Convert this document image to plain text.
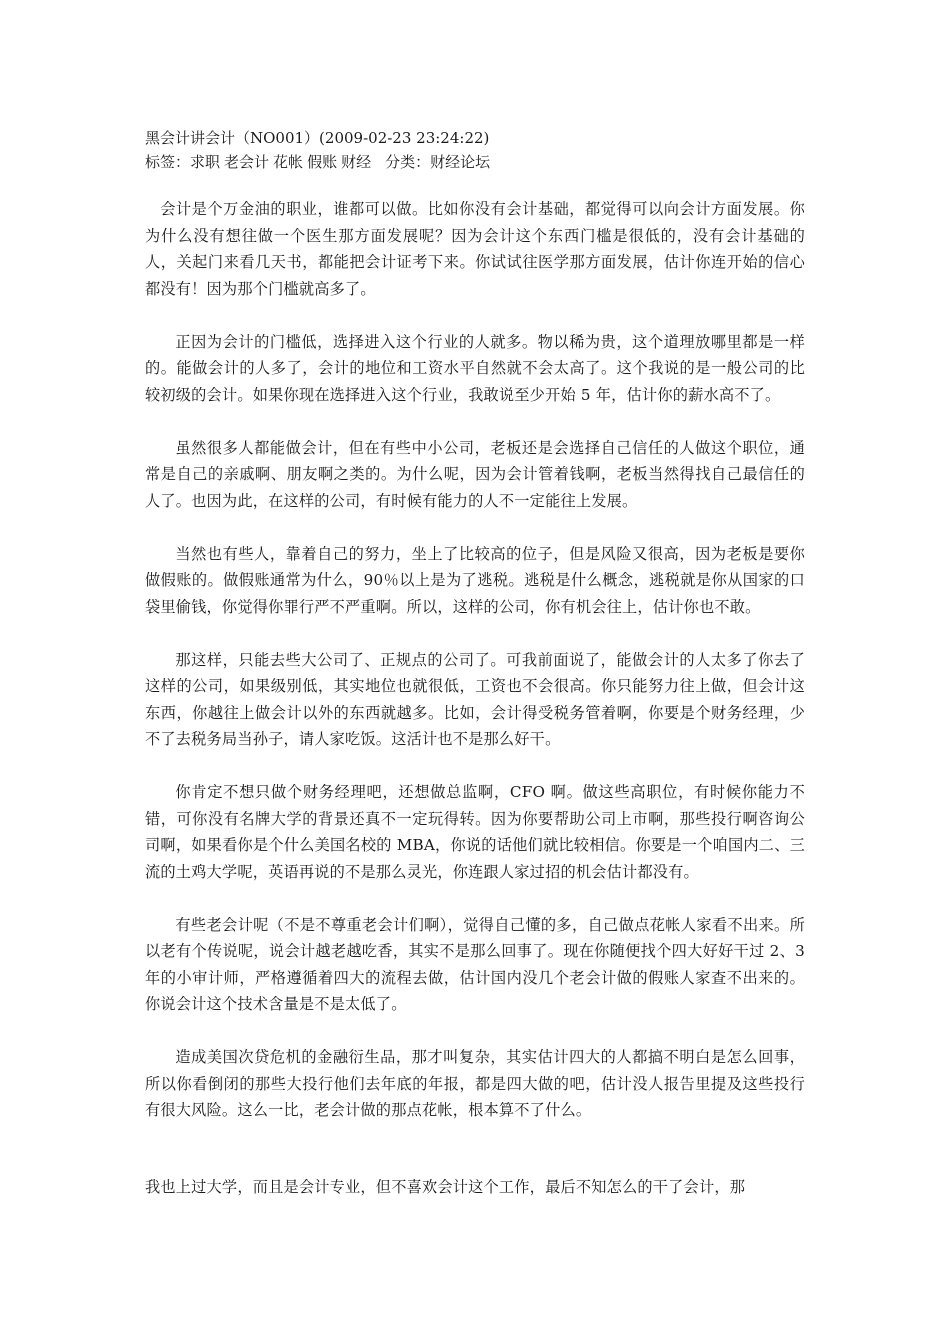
黑会计讲会计（NO001）(2009-02-23 23:24:22)

标签：求职 老会计 花帐 假账 财经 分类：财经论坛

会计是个万金油的职业，谁都可以做。比如你没有会计基础，都觉得可以向会计方面发展。你为什么没有想往做一个医生那方面发展呢？因为会计这个东西门槛是很低的，没有会计基础的人，关起门来看几天书，都能把会计证考下来。你试试往医学那方面发展，估计你连开始的信心都没有！因为那个门槛就高多了。

正因为会计的门槛低，选择进入这个行业的人就多。物以稀为贵，这个道理放哪里都是一样的。能做会计的人多了，会计的地位和工资水平自然就不会太高了。这个我说的是一般公司的比较初级的会计。如果你现在选择进入这个行业，我敢说至少开始 5 年，估计你的薪水高不了。

虽然很多人都能做会计，但在有些中小公司，老板还是会选择自己信任的人做这个职位，通常是自己的亲戚啊、朋友啊之类的。为什么呢，因为会计管着钱啊，老板当然得找自己最信任的人了。也因为此，在这样的公司，有时候有能力的人不一定能往上发展。

当然也有些人，靠着自己的努力，坐上了比较高的位子，但是风险又很高，因为老板是要你做假账的。做假账通常为什么，90％以上是为了逃税。逃税是什么概念，逃税就是你从国家的口袋里偷钱，你觉得你罪行严不严重啊。所以，这样的公司，你有机会往上，估计你也不敢。

那这样，只能去些大公司了、正规点的公司了。可我前面说了，能做会计的人太多了你去了这样的公司，如果级别低，其实地位也就很低，工资也不会很高。你只能努力往上做，但会计这东西，你越往上做会计以外的东西就越多。比如，会计得受税务管着啊，你要是个财务经理，少不了去税务局当孙子，请人家吃饭。这活计也不是那么好干。

你肯定不想只做个财务经理吧，还想做总监啊，CFO 啊。做这些高职位，有时候你能力不错，可你没有名牌大学的背景还真不一定玩得转。因为你要帮助公司上市啊，那些投行啊咨询公司啊，如果看你是个什么美国名校的 MBA，你说的话他们就比较相信。你要是一个咱国内二、三流的土鸡大学呢，英语再说的不是那么灵光，你连跟人家过招的机会估计都没有。

有些老会计呢（不是不尊重老会计们啊），觉得自己懂的多，自己做点花帐人家看不出来。所以老有个传说呢，说会计越老越吃香，其实不是那么回事了。现在你随便找个四大好好干过 2、3 年的小审计师，严格遵循着四大的流程去做，估计国内没几个老会计做的假账人家查不出来的。你说会计这个技术含量是不是太低了。

造成美国次贷危机的金融衍生品，那才叫复杂，其实估计四大的人都搞不明白是怎么回事，所以你看倒闭的那些大投行他们去年底的年报，都是四大做的吧，估计没人报告里提及这些投行有很大风险。这么一比，老会计做的那点花帐，根本算不了什么。

我也上过大学，而且是会计专业，但不喜欢会计这个工作，最后不知怎么的干了会计，那
